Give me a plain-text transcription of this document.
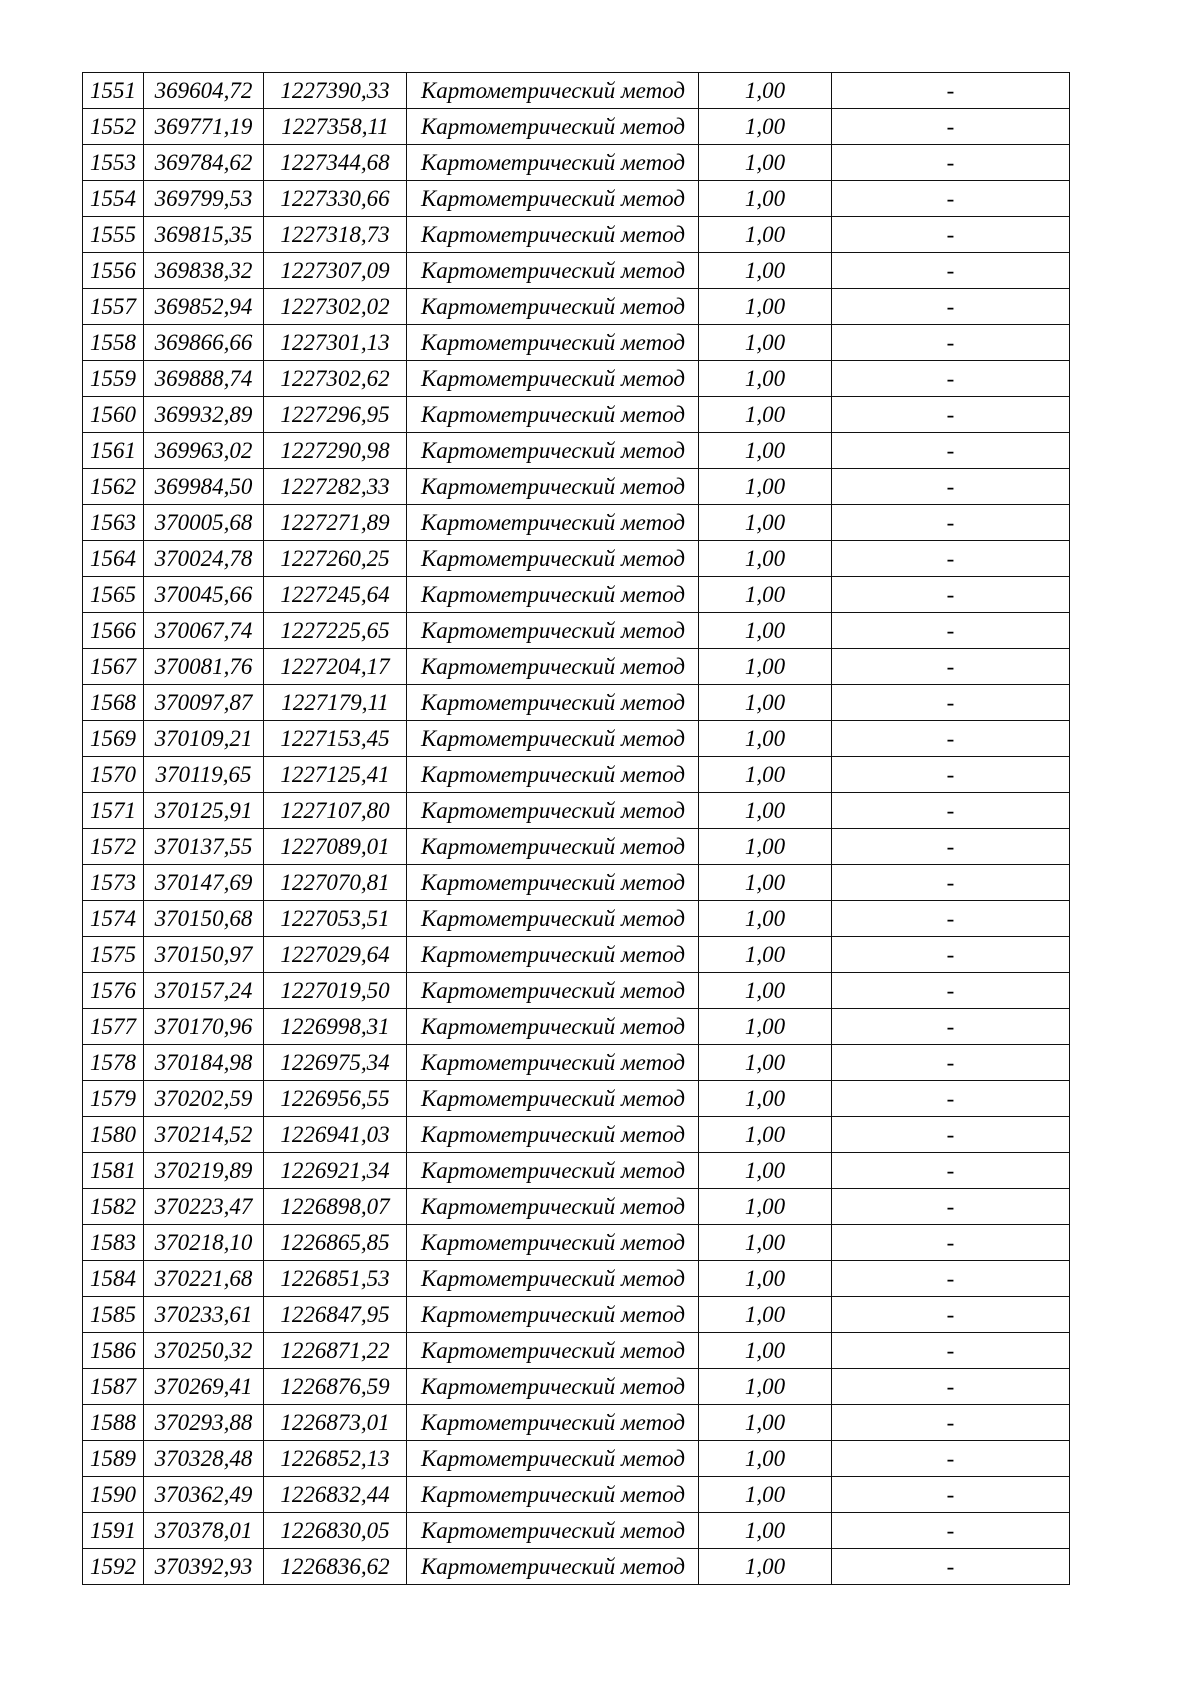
1551	369604,72	1227390,33	Картометрический метод	1,00	-
1552	369771,19	1227358,11	Картометрический метод	1,00	-
1553	369784,62	1227344,68	Картометрический метод	1,00	-
1554	369799,53	1227330,66	Картометрический метод	1,00	-
1555	369815,35	1227318,73	Картометрический метод	1,00	-
1556	369838,32	1227307,09	Картометрический метод	1,00	-
1557	369852,94	1227302,02	Картометрический метод	1,00	-
1558	369866,66	1227301,13	Картометрический метод	1,00	-
1559	369888,74	1227302,62	Картометрический метод	1,00	-
1560	369932,89	1227296,95	Картометрический метод	1,00	-
1561	369963,02	1227290,98	Картометрический метод	1,00	-
1562	369984,50	1227282,33	Картометрический метод	1,00	-
1563	370005,68	1227271,89	Картометрический метод	1,00	-
1564	370024,78	1227260,25	Картометрический метод	1,00	-
1565	370045,66	1227245,64	Картометрический метод	1,00	-
1566	370067,74	1227225,65	Картометрический метод	1,00	-
1567	370081,76	1227204,17	Картометрический метод	1,00	-
1568	370097,87	1227179,11	Картометрический метод	1,00	-
1569	370109,21	1227153,45	Картометрический метод	1,00	-
1570	370119,65	1227125,41	Картометрический метод	1,00	-
1571	370125,91	1227107,80	Картометрический метод	1,00	-
1572	370137,55	1227089,01	Картометрический метод	1,00	-
1573	370147,69	1227070,81	Картометрический метод	1,00	-
1574	370150,68	1227053,51	Картометрический метод	1,00	-
1575	370150,97	1227029,64	Картометрический метод	1,00	-
1576	370157,24	1227019,50	Картометрический метод	1,00	-
1577	370170,96	1226998,31	Картометрический метод	1,00	-
1578	370184,98	1226975,34	Картометрический метод	1,00	-
1579	370202,59	1226956,55	Картометрический метод	1,00	-
1580	370214,52	1226941,03	Картометрический метод	1,00	-
1581	370219,89	1226921,34	Картометрический метод	1,00	-
1582	370223,47	1226898,07	Картометрический метод	1,00	-
1583	370218,10	1226865,85	Картометрический метод	1,00	-
1584	370221,68	1226851,53	Картометрический метод	1,00	-
1585	370233,61	1226847,95	Картометрический метод	1,00	-
1586	370250,32	1226871,22	Картометрический метод	1,00	-
1587	370269,41	1226876,59	Картометрический метод	1,00	-
1588	370293,88	1226873,01	Картометрический метод	1,00	-
1589	370328,48	1226852,13	Картометрический метод	1,00	-
1590	370362,49	1226832,44	Картометрический метод	1,00	-
1591	370378,01	1226830,05	Картометрический метод	1,00	-
1592	370392,93	1226836,62	Картометрический метод	1,00	-
